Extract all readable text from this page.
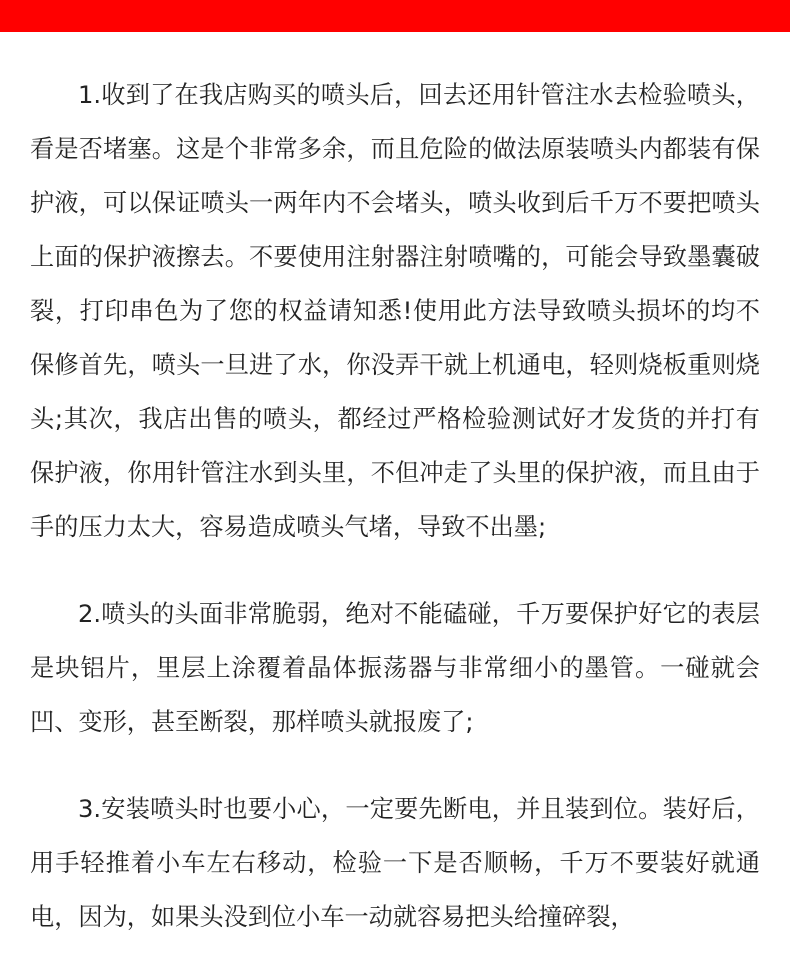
1.收到了在我店购买的喷头后，回去还用针管注水去检验喷头，看是否堵塞。这是个非常多余，而且危险的做法原装喷头内都装有保护液，可以保证喷头一两年内不会堵头，喷头收到后千万不要把喷头上面的保护液擦去。不要使用注射器注射喷嘴的，可能会导致墨囊破裂，打印串色为了您的权益请知悉!使用此方法导致喷头损坏的均不保修首先，喷头一旦进了水，你没弄干就上机通电，轻则烧板重则烧头;其次，我店出售的喷头，都经过严格检验测试好才发货的并打有保护液，你用针管注水到头里，不但冲走了头里的保护液，而且由于手的压力太大，容易造成喷头气堵，导致不出墨;

2.喷头的头面非常脆弱，绝对不能磕碰，千万要保护好它的表层是块铝片，里层上涂覆着晶体振荡器与非常细小的墨管。一碰就会凹、变形，甚至断裂，那样喷头就报废了;

3.安装喷头时也要小心，一定要先断电，并且装到位。装好后，用手轻推着小车左右移动，检验一下是否顺畅，千万不要装好就通电，因为，如果头没到位小车一动就容易把头给撞碎裂，
